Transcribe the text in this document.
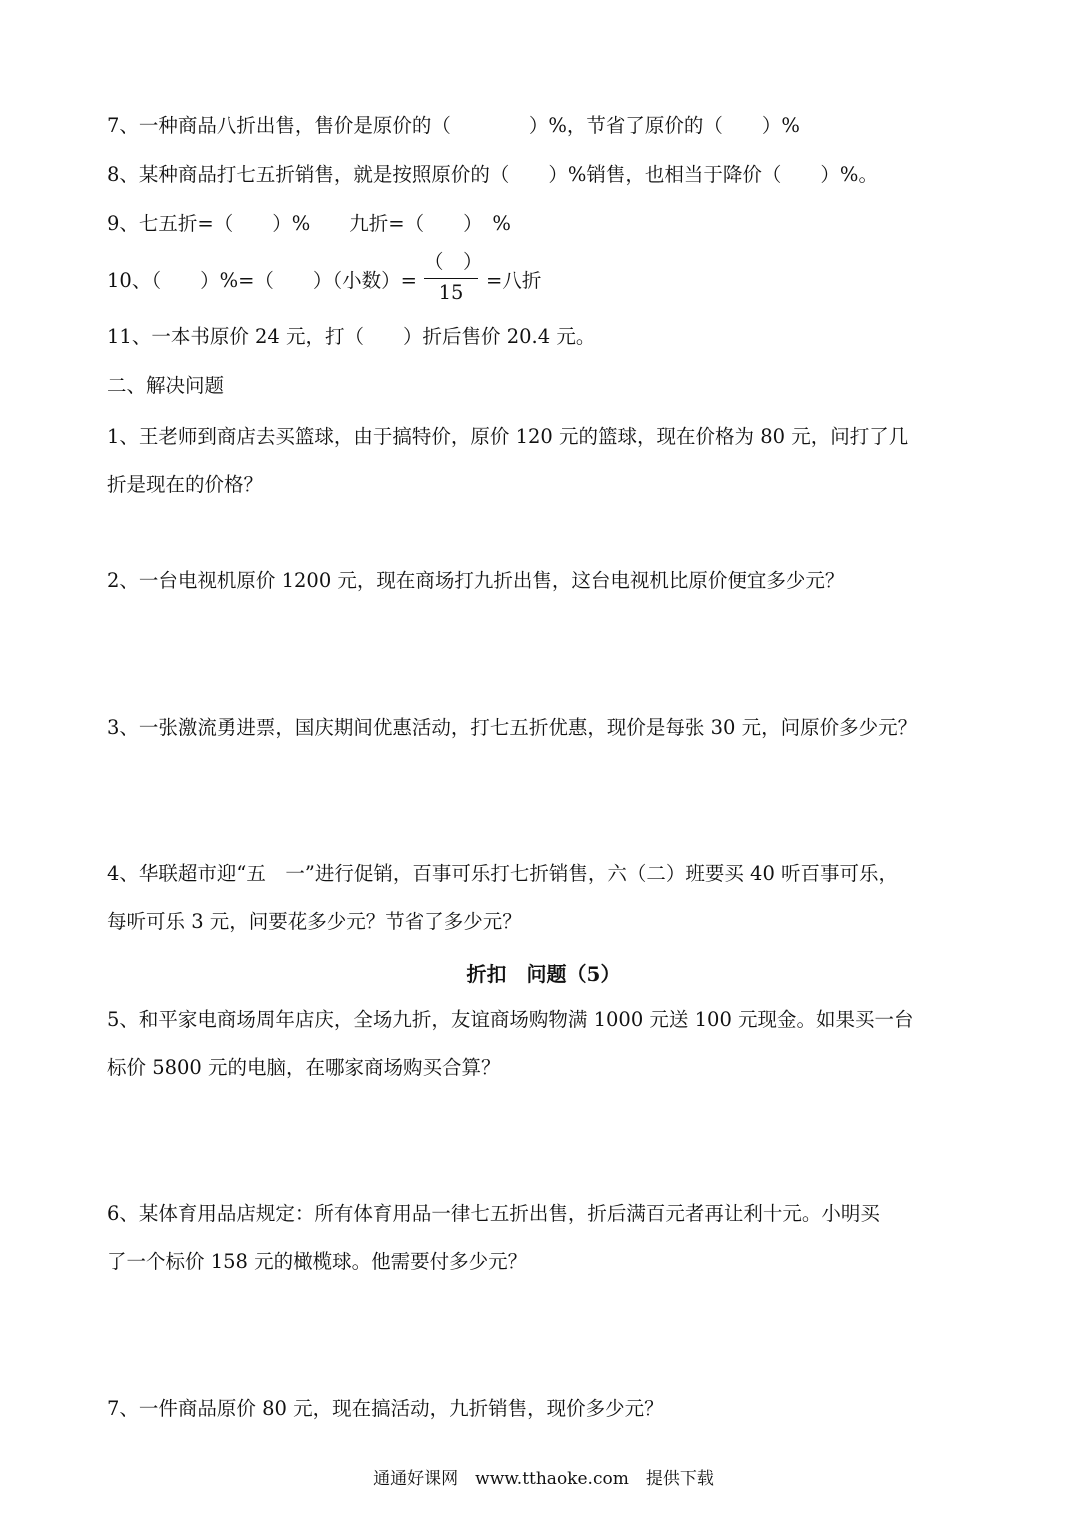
7、一种商品八折出售，售价是原价的（　　　　）%，节省了原价的（　　）%
8、某种商品打七五折销售，就是按照原价的（　　）%销售，也相当于降价（　　）%。
9、七五折=（　　）%　　九折=（　　）　%
10、（　　）%=（　　）（小数）=
（　）
15
=八折
11、一本书原价 24 元，打（　　）折后售价 20.4 元。
二、解决问题
1、王老师到商店去买篮球，由于搞特价，原价 120 元的篮球，现在价格为 80 元，问打了几
折是现在的价格？
2、一台电视机原价 1200 元，现在商场打九折出售，这台电视机比原价便宜多少元？
3、一张激流勇进票，国庆期间优惠活动，打七五折优惠，现价是每张 30 元，问原价多少元？
4、华联超市迎“五　一”进行促销，百事可乐打七折销售，六（二）班要买 40 听百事可乐，
每听可乐 3 元，问要花多少元？节省了多少元？
折扣　问题（5）
5、和平家电商场周年店庆，全场九折，友谊商场购物满 1000 元送 100 元现金。如果买一台
标价 5800 元的电脑，在哪家商场购买合算？
6、某体育用品店规定：所有体育用品一律七五折出售，折后满百元者再让利十元。小明买
了一个标价 158 元的橄榄球。他需要付多少元？
7、一件商品原价 80 元，现在搞活动，九折销售，现价多少元？
通通好课网　www.tthaoke.com　提供下载
